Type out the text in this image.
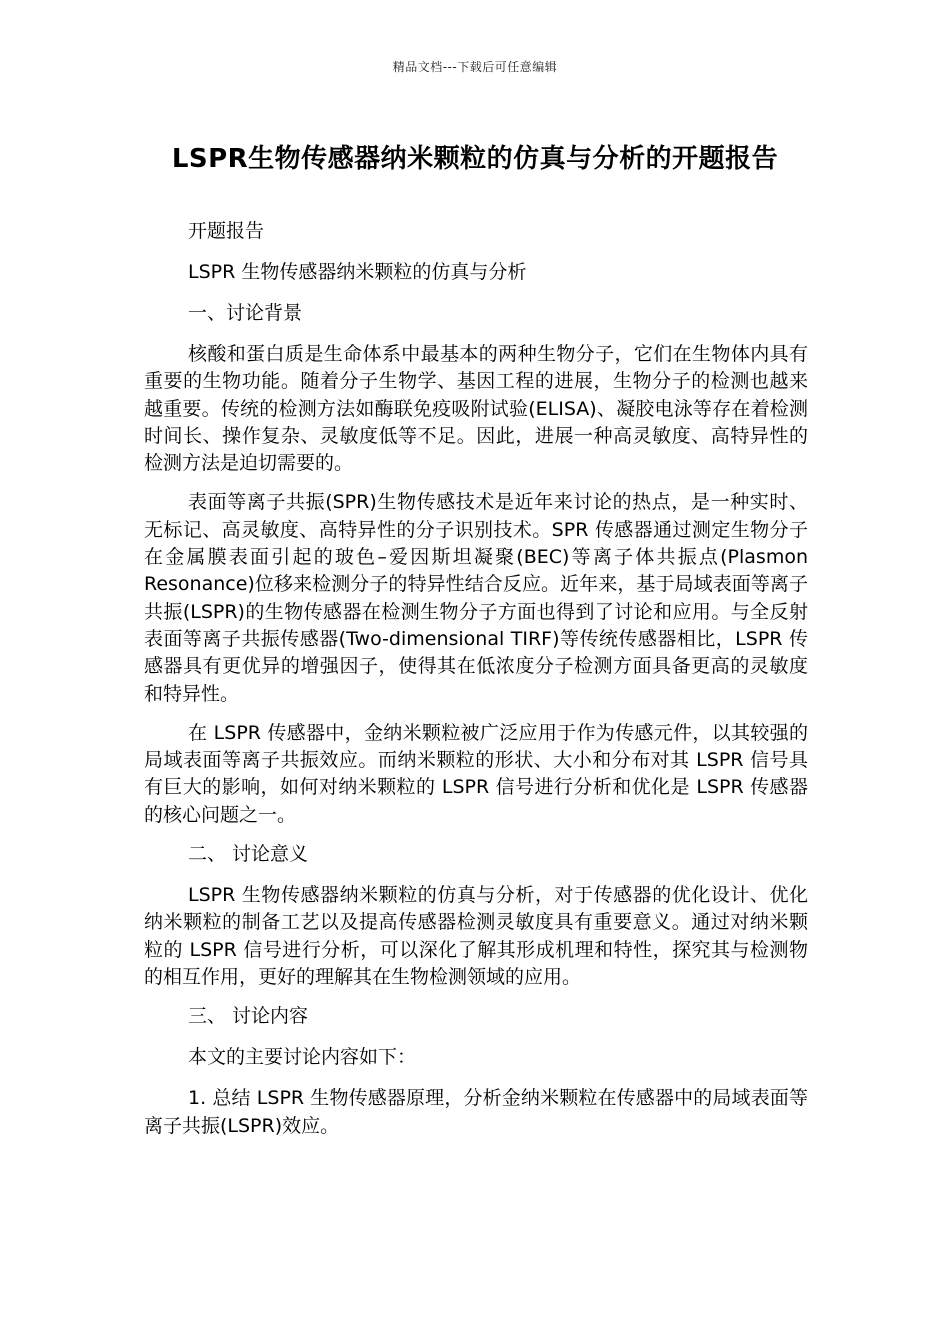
精品文档---下载后可任意编辑
LSPR生物传感器纳米颗粒的仿真与分析的开题报告

开题报告

LSPR 生物传感器纳米颗粒的仿真与分析

一、讨论背景

核酸和蛋白质是生命体系中最基本的两种生物分子，它们在生物体内具有重要的生物功能。随着分子生物学、基因工程的进展，生物分子的检测也越来越重要。传统的检测方法如酶联免疫吸附试验(ELISA)、凝胶电泳等存在着检测时间长、操作复杂、灵敏度低等不足。因此，进展一种高灵敏度、高特异性的检测方法是迫切需要的。

表面等离子共振(SPR)生物传感技术是近年来讨论的热点，是一种实时、无标记、高灵敏度、高特异性的分子识别技术。SPR 传感器通过测定生物分子在金属膜表面引起的玻色–爱因斯坦凝聚(BEC)等离子体共振点(Plasmon Resonance)位移来检测分子的特异性结合反应。近年来，基于局域表面等离子共振(LSPR)的生物传感器在检测生物分子方面也得到了讨论和应用。与全反射表面等离子共振传感器(Two-dimensional TIRF)等传统传感器相比，LSPR 传感器具有更优异的增强因子，使得其在低浓度分子检测方面具备更高的灵敏度和特异性。

在 LSPR 传感器中，金纳米颗粒被广泛应用于作为传感元件，以其较强的局域表面等离子共振效应。而纳米颗粒的形状、大小和分布对其 LSPR 信号具有巨大的影响，如何对纳米颗粒的 LSPR 信号进行分析和优化是 LSPR 传感器的核心问题之一。

二、 讨论意义

LSPR 生物传感器纳米颗粒的仿真与分析，对于传感器的优化设计、优化纳米颗粒的制备工艺以及提高传感器检测灵敏度具有重要意义。通过对纳米颗粒的 LSPR 信号进行分析，可以深化了解其形成机理和特性，探究其与检测物的相互作用，更好的理解其在生物检测领域的应用。

三、 讨论内容

本文的主要讨论内容如下：

1. 总结 LSPR 生物传感器原理，分析金纳米颗粒在传感器中的局域表面等离子共振(LSPR)效应。
